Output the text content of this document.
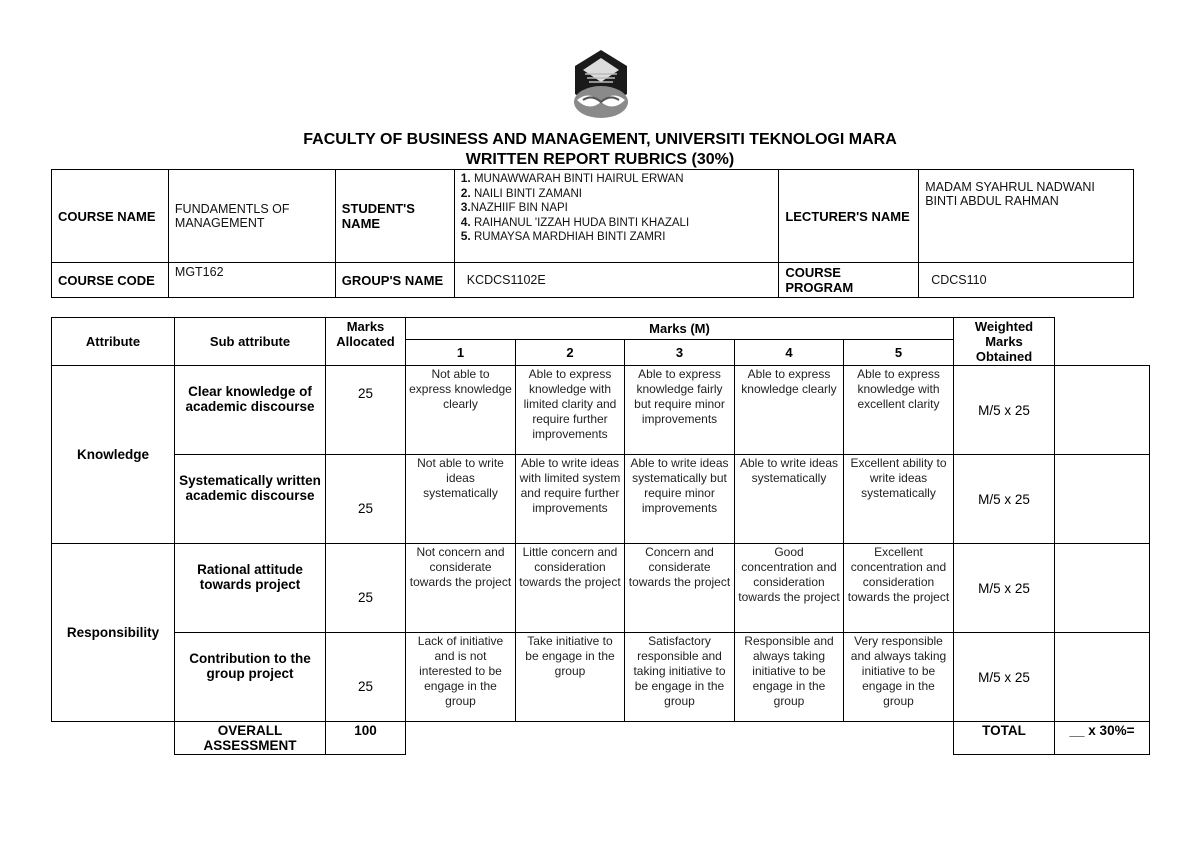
FACULTY OF BUSINESS AND MANAGEMENT, UNIVERSITI TEKNOLOGI MARA
WRITTEN REPORT RUBRICS (30%)
COURSE NAME	FUNDAMENTLS OF MANAGEMENT	STUDENT'S NAME	1. MUNAWWARAH BINTI HAIRUL ERWAN
2. NAILI BINTI ZAMANI
3.NAZHIIF BIN NAPI
4. RAIHANUL 'IZZAH HUDA BINTI KHAZALI
5. RUMAYSA MARDHIAH BINTI ZAMRI	LECTURER'S NAME	MADAM SYAHRUL NADWANI BINTI ABDUL RAHMAN
COURSE CODE	MGT162	GROUP'S NAME	KCDCS1102E	COURSE PROGRAM	CDCS110
Attribute	Sub attribute	Marks Allocated	Marks (M)					Weighted Marks Obtained	
			1	2	3	4	5		
Knowledge	Clear knowledge of academic discourse	25	Not able to express knowledge clearly	Able to express knowledge with limited clarity and require further improvements	Able to express knowledge fairly but require minor improvements	Able to express knowledge clearly	Able to express knowledge with excellent clarity	M/5 x 25	
	Systematically written academic discourse	25	Not able to write ideas systematically	Able to write ideas with limited system and require further improvements	Able to write ideas systematically but require minor improvements	Able to write ideas systematically	Excellent ability to write ideas systematically	M/5 x 25	
Responsibility	Rational attitude towards project	25	Not concern and considerate towards the project	Little concern and consideration towards the project	Concern and considerate towards the project	Good concentration and consideration towards the project	Excellent concentration and consideration towards the project	M/5 x 25	
	Contribution to the group project	25	Lack of initiative and is not interested to be engage in the group	Take initiative to be engage in the group	Satisfactory responsible and taking initiative to be engage in the group	Responsible and always taking initiative to be engage in the group	Very responsible and always taking initiative to be engage in the group	M/5 x 25	
	OVERALL ASSESSMENT	100						TOTAL	__ x 30%=
